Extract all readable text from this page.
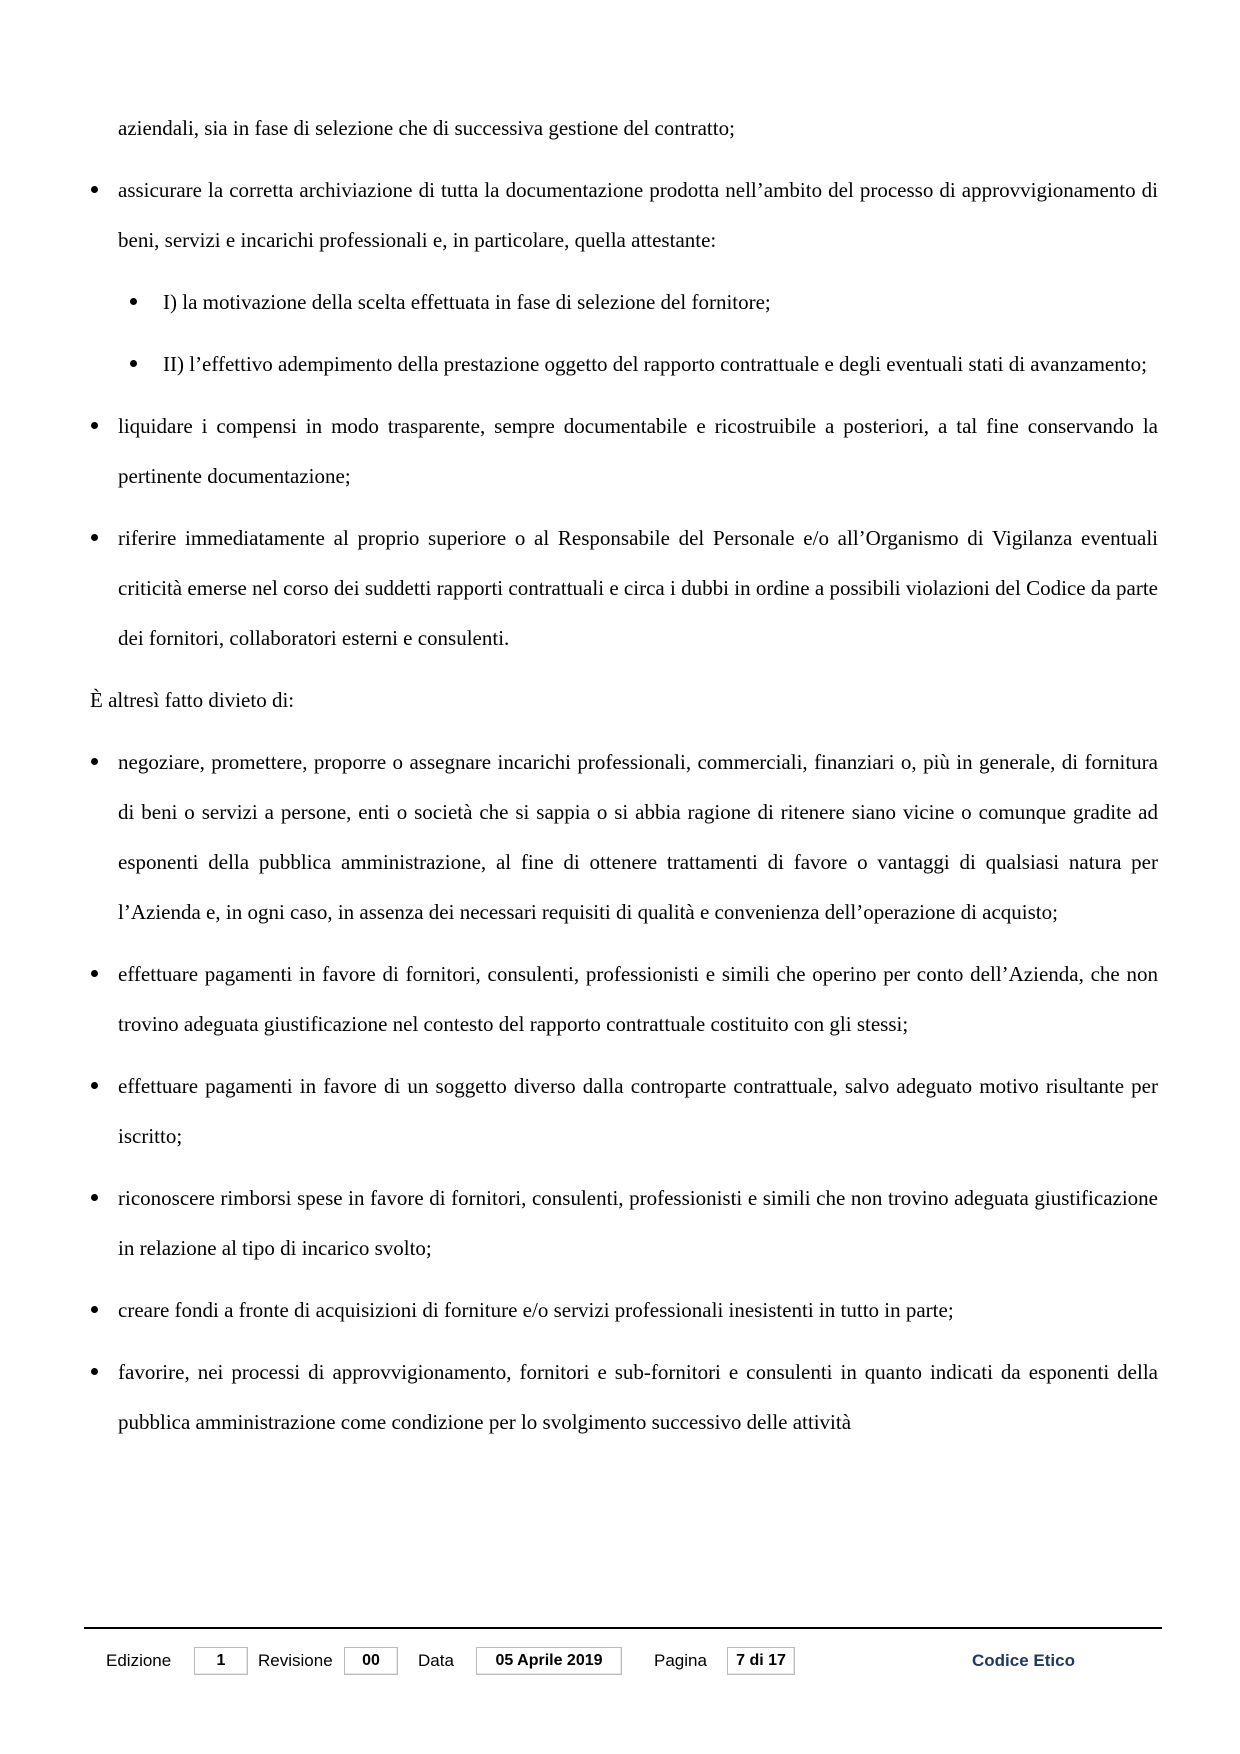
aziendali, sia in fase di selezione che di successiva gestione del contratto;

assicurare la corretta archiviazione di tutta la documentazione prodotta nell’ambito del processo di approvvigionamento di beni, servizi e incarichi professionali e, in particolare, quella attestante:

I) la motivazione della scelta effettuata in fase di selezione del fornitore;

II) l’effettivo adempimento della prestazione oggetto del rapporto contrattuale e degli eventuali stati di avanzamento;

liquidare i compensi in modo trasparente, sempre documentabile e ricostruibile a posteriori, a tal fine conservando la pertinente documentazione;

riferire immediatamente al proprio superiore o al Responsabile del Personale e/o all’Organismo di Vigilanza eventuali criticità emerse nel corso dei suddetti rapporti contrattuali e circa i dubbi in ordine a possibili violazioni del Codice da parte dei fornitori, collaboratori esterni e consulenti.

È altresì fatto divieto di:

negoziare, promettere, proporre o assegnare incarichi professionali, commerciali, finanziari o, più in generale, di fornitura di beni o servizi a persone, enti o società che si sappia o si abbia ragione di ritenere siano vicine o comunque gradite ad esponenti della pubblica amministrazione, al fine di ottenere trattamenti di favore o vantaggi di qualsiasi natura per l’Azienda e, in ogni caso, in assenza dei necessari requisiti di qualità e convenienza dell’operazione di acquisto;

effettuare pagamenti in favore di fornitori, consulenti, professionisti e simili che operino per conto dell’Azienda, che non trovino adeguata giustificazione nel contesto del rapporto contrattuale costituito con gli stessi;

effettuare pagamenti in favore di un soggetto diverso dalla controparte contrattuale, salvo adeguato motivo risultante per iscritto;

riconoscere rimborsi spese in favore di fornitori, consulenti, professionisti e simili che non trovino adeguata giustificazione in relazione al tipo di incarico svolto;

creare fondi a fronte di acquisizioni di forniture e/o servizi professionali inesistenti in tutto in parte;

favorire, nei processi di approvvigionamento, fornitori e sub-fornitori e consulenti in quanto indicati da esponenti della pubblica amministrazione come condizione per lo svolgimento successivo delle attività

Edizione	1	Revisione	00	Data	05 Aprile 2019	Pagina	7 di 17	Codice Etico
